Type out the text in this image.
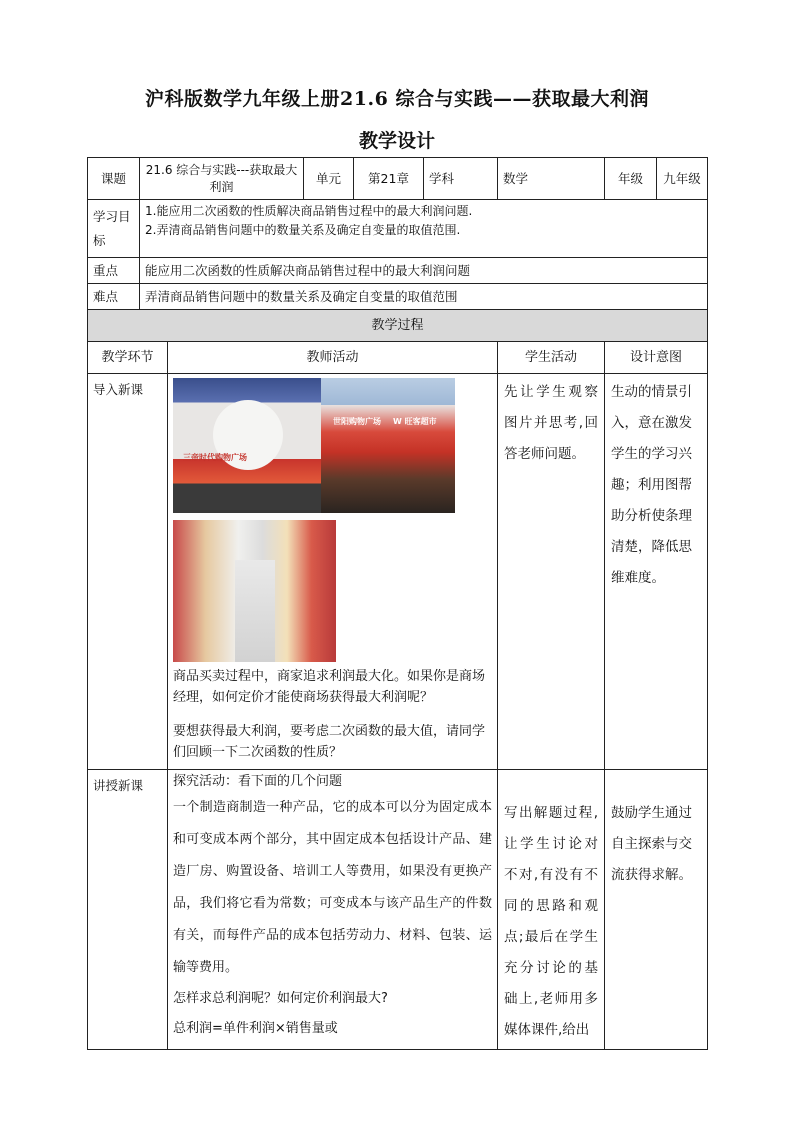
沪科版数学九年级上册21.6 综合与实践——获取最大利润
教学设计
课题	21.6 综合与实践---获取最大利润		单元	第21章	学科	数学	年级	九年级
学习目标	1.能应用二次函数的性质解决商品销售过程中的最大利润问题.
2.弄清商品销售问题中的数量关系及确定自变量的取值范围.							

重点	能应用二次函数的性质解决商品销售过程中的最大利润问题							
难点	弄清商品销售问题中的数量关系及确定自变量的取值范围							
教学过程								
教学环节		教师活动				学生活动	设计意图	
导入新课		三帝时代购物广场
世阳购物广场 W 旺客超市

商品买卖过程中，商家追求利润最大化。如果你是商场经理，如何定价才能使商场获得最大利润呢？

要想获得最大利润，要考虑二次函数的最大值，请同学们回顾一下二次函数的性质？				先让学生观察图片并思考,回答老师问题。	生动的情景引入，意在激发学生的学习兴趣；利用图帮助分析使条理清楚，降低思维难度。	
讲授新课		探究活动：看下面的几个问题
一个制造商制造一种产品，它的成本可以分为固定成本和可变成本两个部分，其中固定成本包括设计产品、建造厂房、购置设备、培训工人等费用，如果没有更换产品，我们将它看为常数；可变成本与该产品生产的件数有关，而每件产品的成本包括劳动力、材料、包装、运输等费用。
怎样求总利润呢？如何定价利润最大?
总利润=单件利润×销售量或				写出解题过程,让学生讨论对不对,有没有不同的思路和观点;最后在学生充分讨论的基础上,老师用多媒体课件,给出	鼓励学生通过自主探索与交流获得求解。	
